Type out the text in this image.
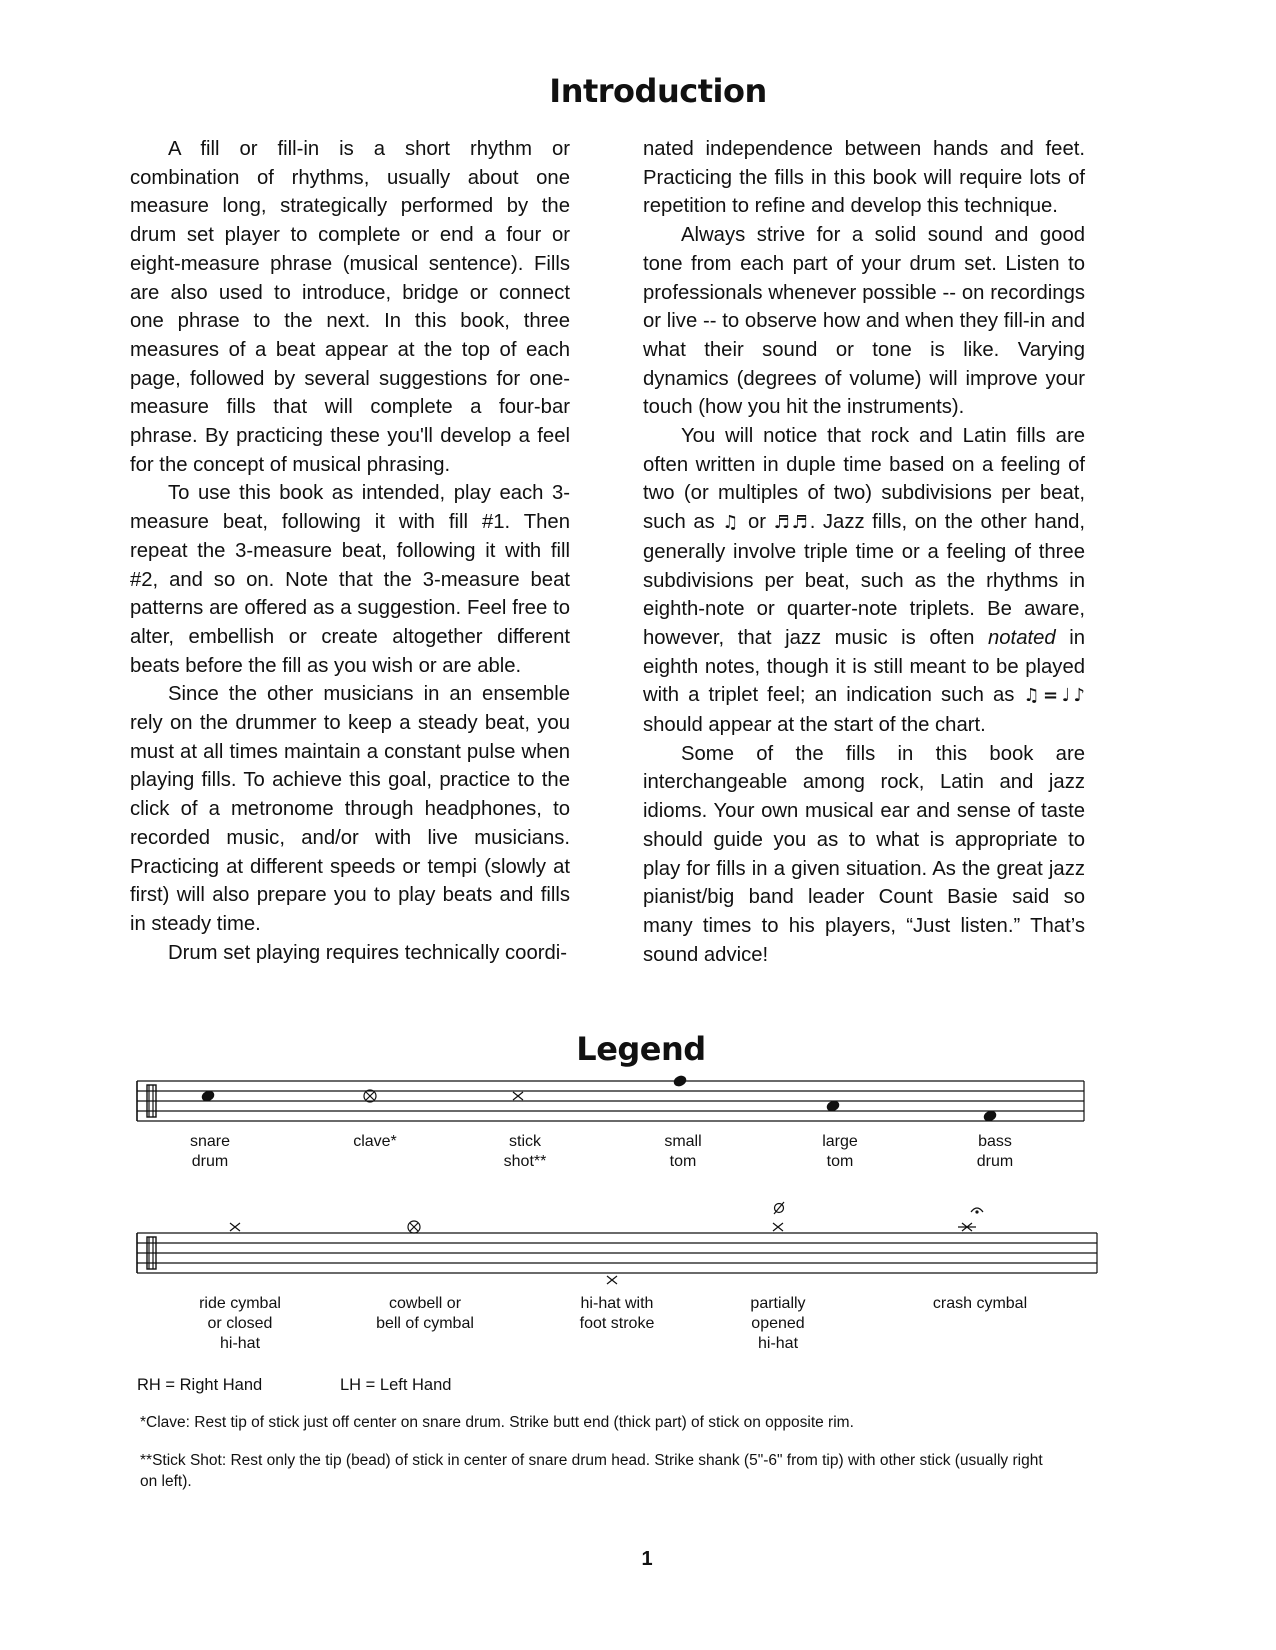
Introduction

A fill or fill-in is a short rhythm or combination of rhythms, usually about one measure long, strategically performed by the drum set player to complete or end a four or eight-measure phrase (musical sentence). Fills are also used to introduce, bridge or connect one phrase to the next. In this book, three measures of a beat appear at the top of each page, followed by several suggestions for one-measure fills that will complete a four-bar phrase. By practicing these you'll develop a feel for the concept of musical phrasing.

To use this book as intended, play each 3-measure beat, following it with fill #1. Then repeat the 3-measure beat, following it with fill #2, and so on. Note that the 3-measure beat patterns are offered as a suggestion. Feel free to alter, embellish or create altogether different beats before the fill as you wish or are able.

Since the other musicians in an ensemble rely on the drummer to keep a steady beat, you must at all times maintain a constant pulse when playing fills. To achieve this goal, practice to the click of a metronome through headphones, to recorded music, and/or with live musicians. Practicing at different speeds or tempi (slowly at first) will also prepare you to play beats and fills in steady time.

Drum set playing requires technically coordi-

nated independence between hands and feet. Practicing the fills in this book will require lots of repetition to refine and develop this technique.

Always strive for a solid sound and good tone from each part of your drum set. Listen to professionals whenever possible -- on recordings or live -- to observe how and when they fill-in and what their sound or tone is like. Varying dynamics (degrees of volume) will improve your touch (how you hit the instruments).

You will notice that rock and Latin fills are often written in duple time based on a feeling of two (or multiples of two) subdivisions per beat, such as ♫ or ♬♬. Jazz fills, on the other hand, generally involve triple time or a feeling of three subdivisions per beat, such as the rhythms in eighth-note or quarter-note triplets. Be aware, however, that jazz music is often notated in eighth notes, though it is still meant to be played with a triplet feel; an indication such as ♫=♩♪ should appear at the start of the chart.

Some of the fills in this book are interchangeable among rock, Latin and jazz idioms. Your own musical ear and sense of taste should guide you as to what is appropriate to play for fills in a given situation. As the great jazz pianist/big band leader Count Basie said so many times to his players, “Just listen.” That’s sound advice!

Legend
snare
drum
clave*	stick
shot**
small
tom
large
tom
bass
drum
ride cymbal
or closed
hi-hat
cowbell or
bell of cymbal
hi-hat with
foot stroke
partially
opened
hi-hat
crash cymbal
RH = Right Hand	LH = Left Hand
*Clave: Rest tip of stick just off center on snare drum. Strike butt end (thick part) of stick on opposite rim.
**Stick Shot: Rest only the tip (bead) of stick in center of snare drum head. Strike shank (5"-6" from tip) with other stick (usually right on left).
1
